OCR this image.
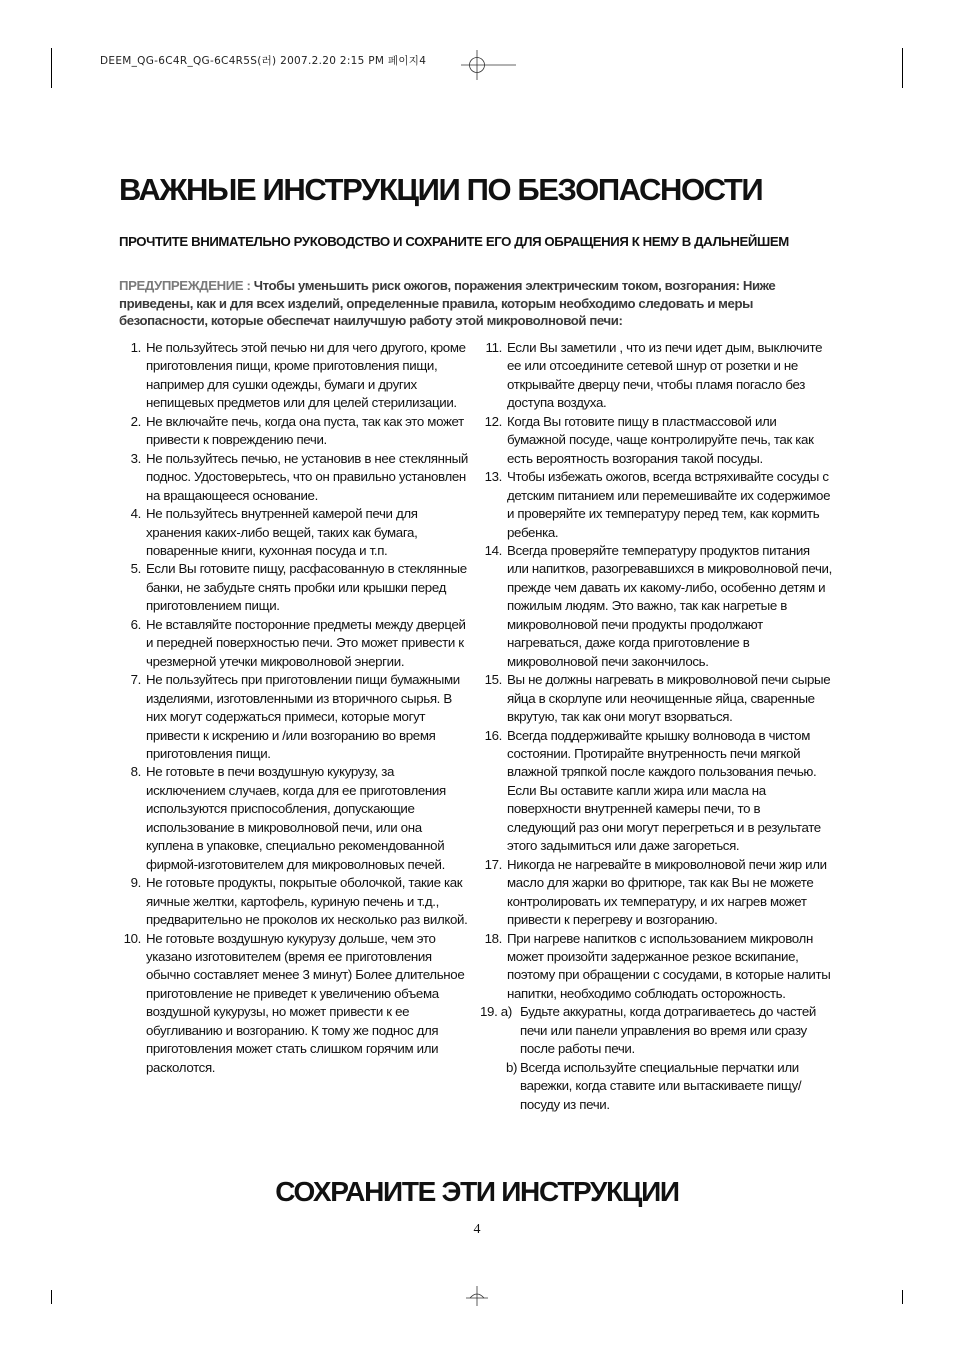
DEEM_QG-6C4R_QG-6C4R5S(러) 2007.2.20 2:15 PM 페이지4
ВАЖНЫЕ ИНСТРУКЦИИ ПО БЕЗОПАСНОСТИ

ПРОЧТИТЕ ВНИМАТЕЛЬНО РУКОВОДСТВО И СОХРАНИТЕ ЕГО ДЛЯ ОБРАЩЕНИЯ К НЕМУ В ДАЛЬНЕЙШЕМ

ПРЕДУПРЕЖДЕНИЕ : Чтобы уменьшить риск ожогов, поражения электрическим током, возгорания: Ниже приведены, как и для всех изделий, определенные правила, которым необходимо следовать и меры безопасности, которые обеспечат наилучшую работу этой микроволновой печи:

1. Не пользуйтесь этой печью ни для чего другого, кроме приготовления пищи, кроме приготовления пищи, например для сушки одежды, бумаги и других непищевых предметов или для целей стерилизации.
2. Не включайте печь, когда она пуста, так как это может привести к повреждению печи.
3. Не пользуйтесь печью, не установив в нее стеклянный поднос. Удостоверьтесь, что он правильно установлен на вращающееся основание.
4. Не пользуйтесь внутренней камерой печи для хранения каких-либо вещей, таких как бумага, поваренные книги, кухонная посуда и т.п.
5. Если Вы готовите пищу, расфасованную в стеклянные банки, не забудьте снять пробки или крышки перед приготовлением пищи.
6. Не вставляйте посторонние предметы между дверцей и передней поверхностью печи. Это может привести к чрезмерной утечки микроволновой энергии.
7. Не пользуйтесь при приготовлении пищи бумажными изделиями, изготовленными из вторичного сырья. В них могут содержаться примеси, которые могут привести к искрению и /или возгоранию во время приготовления пищи.
8. Не готовьте в печи воздушную кукурузу, за исключением случаев, когда для ее приготовления используются приспособления, допускающие использование в микроволновой печи, или она куплена в упаковке, специально рекомендованной фирмой-изготовителем для микроволновых печей.
9. Не готовьте продукты, покрытые оболочкой, такие как яичные желтки, картофель, куриную печень и т.д., предварительно не проколов их несколько раз вилкой.
10. Не готовьте воздушную кукурузу дольше, чем это указано изготовителем (время ее приготовления обычно составляет менее 3 минут) Более длительное приготовление не приведет к увеличению объема воздушной кукурузы, но может привести к ее обугливанию и возгоранию. К тому же поднос для приготовления может стать слишком горячим или расколотся.
11. Если Вы заметили , что из печи идет дым, выключите ее или отсоедините сетевой шнур от розетки и не открывайте дверцу печи, чтобы пламя погасло без доступа воздуха.
12. Когда Вы готовите пищу в пластмассовой или бумажной посуде, чаще контролируйте печь, так как есть вероятность возгорания такой посуды.
13. Чтобы избежать ожогов, всегда встряхивайте сосуды с детским питанием или перемешивайте их содержимое и проверяйте их температуру перед тем, как кормить ребенка.
14. Всегда проверяйте температуру продуктов питания или напитков, разогревавшихся в микроволновой печи, прежде чем давать их какому-либо, особенно детям и пожилым людям. Это важно, так как нагретые в микроволновой печи продукты продолжают нагреваться, даже когда приготовление в микроволновой печи закончилось.
15. Вы не должны нагревать в микроволновой печи сырые яйца в скорлупе или неочищенные яйца, сваренные вкрутую, так как они могут взорваться.
16. Всегда поддерживайте крышку волновода в чистом состоянии. Протирайте внутренность печи мягкой влажной тряпкой после каждого пользования печью. Если Вы оставите капли жира или масла на поверхности внутренней камеры печи, то в следующий раз они могут перегреться и в результате этого задымиться или даже загореться.
17. Никогда не нагревайте в микроволновой печи жир или масло для жарки во фритюре, так как Вы не можете контролировать их температуру, и их нагрев может привести к перегреву и возгоранию.
18. При нагреве напитков с использованием микроволн может произойти задержанное резкое вскипание, поэтому при обращении с сосудами, в которые налиты напитки, необходимо соблюдать осторожность.
19. a) Будьте аккуратны, когда дотрагиваетесь до частей печи или панели управления во время или сразу после работы печи.
b) Всегда используйте специальные перчатки или варежки, когда ставите или вытаскиваете пищу/посуду из печи.
СОХРАНИТЕ ЭТИ ИНСТРУКЦИИ
4
